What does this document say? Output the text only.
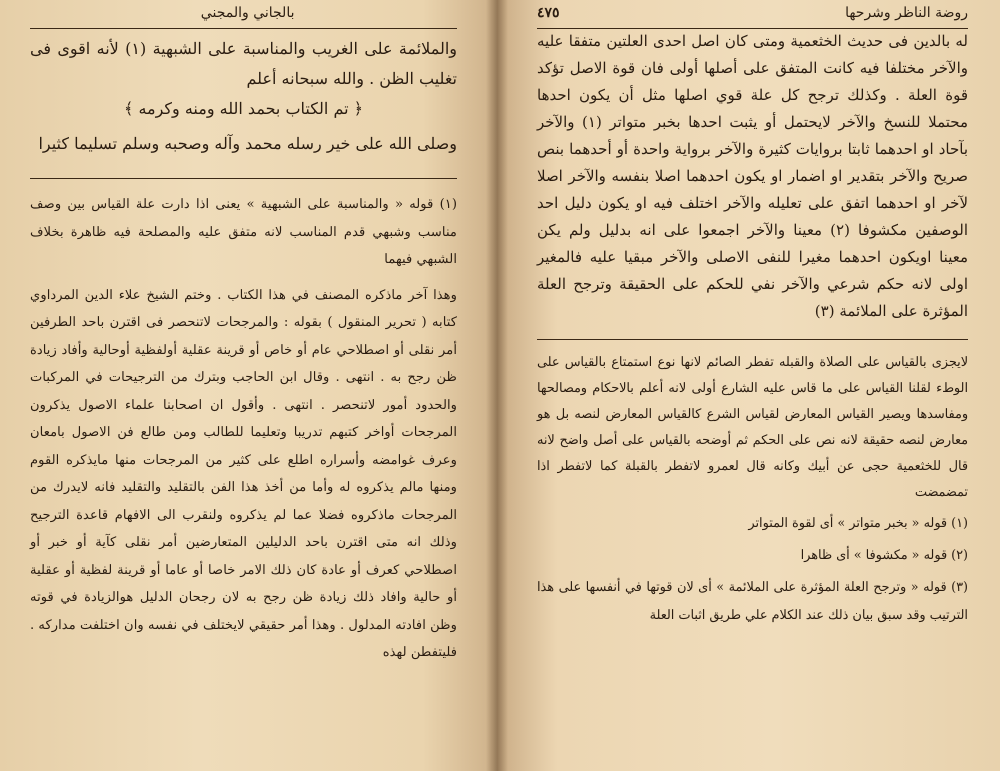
بالجاني والمجني

والملائمة على الغريب والمناسبة على الشبهية (١) لأنه اقوى فى تغليب الظن . والله سبحانه أعلم

﴿ تم الكتاب بحمد الله ومنه وكرمه ﴾

وصلى الله على خير رسله محمد وآله وصحبه وسلم تسليما كثيرا

(١) قوله « والمناسبة على الشبهية » يعنى اذا دارت علة القياس بين وصف مناسب وشبهي قدم المناسب لانه متفق عليه والمصلحة فيه ظاهرة بخلاف الشبهي فيهما

وهذا آخر ماذكره المصنف في هذا الكتاب . وختم الشيخ علاء الدين المرداوي كتابه ( تحرير المنقول ) بقوله : والمرجحات لاتنحصر فى اقترن باحد الطرفين أمر نقلى أو اصطلاحي عام أو خاص أو قرينة عقلية أولفظية أوحالية وأفاد زيادة ظن رجح به . انتهى . وقال ابن الحاجب وبترك من الترجيحات في المركبات والحدود أمور لاتنحصر . انتهى . وأقول ان اصحابنا علماء الاصول يذكرون المرجحات أواخر كتبهم تدريبا وتعليما للطالب ومن طالع فن الاصول بامعان وعرف غوامضه وأسراره اطلع على كثير من المرجحات منها مايذكره القوم ومنها مالم يذكروه له وأما من أخذ هذا الفن بالتقليد والتقليد فانه لايدرك من المرجحات ماذكروه فضلا عما لم يذكروه ولنقرب الى الافهام قاعدة الترجيح وذلك انه متى اقترن باحد الدليلين المتعارضين أمر نقلى كآية أو خبر أو اصطلاحي كعرف أو عادة كان ذلك الامر خاصا أو عاما أو قرينة لفظية أو عقلية أو حالية وافاد ذلك زيادة ظن رجح به لان رجحان الدليل هوالزيادة في قوته وظن افادته المدلول . وهذا أمر حقيقي لايختلف في نفسه وان اختلفت مداركه . فليتفطن لهذه

٤٧٥	روضة الناظر وشرحها

له بالدين فى حديث الخثعمية ومتى كان اصل احدى العلتين متفقا عليه والآخر مختلفا فيه كانت المتفق على أصلها أولى فان قوة الاصل تؤكد قوة العلة . وكذلك ترجح كل علة قوي اصلها مثل أن يكون احدها محتملا للنسخ والآخر لايحتمل أو يثبت احدها بخبر متواتر (١) والآخر بآحاد او احدهما ثابتا بروايات كثيرة والآخر برواية واحدة أو أحدهما بنص صريح والآخر بتقدير او اضمار او يكون احدهما اصلا بنفسه والآخر اصلا لآخر او احدهما اتفق على تعليله والآخر اختلف فيه او يكون دليل احد الوصفين مكشوفا (٢) معينا والآخر اجمعوا على انه بدليل ولم يكن معينا اويكون احدهما مغيرا للنفى الاصلى والآخر مبقيا عليه فالمغير اولى لانه حكم شرعي والآخر نفي للحكم على الحقيقة وترجح العلة المؤثرة على الملائمة (٣)

لايجزى بالقياس على الصلاة والقبله تفطر الصائم لانها نوع استمتاع بالقياس على الوطء لقلنا القياس على ما قاس عليه الشارع أولى لانه أعلم بالاحكام ومصالحها ومفاسدها ويصير القياس المعارض لقياس الشرع كالقياس المعارض لنصه بل هو معارض لنصه حقيقة لانه نص على الحكم ثم أوضحه بالقياس على أصل واضح لانه قال للخثعمية حجى عن أبيك وكانه قال لعمرو لاتفطر بالقبلة كما لاتفطر اذا تمضمضت

(١) قوله « بخبر متواتر » أى لقوة المتواتر

(٢) قوله « مكشوفا » أى ظاهرا

(٣) قوله « وترجح العلة المؤثرة على الملائمة » أى لان قوتها في أنفسها على هذا الترتيب وقد سبق بيان ذلك عند الكلام علي طريق اثبات العلة
